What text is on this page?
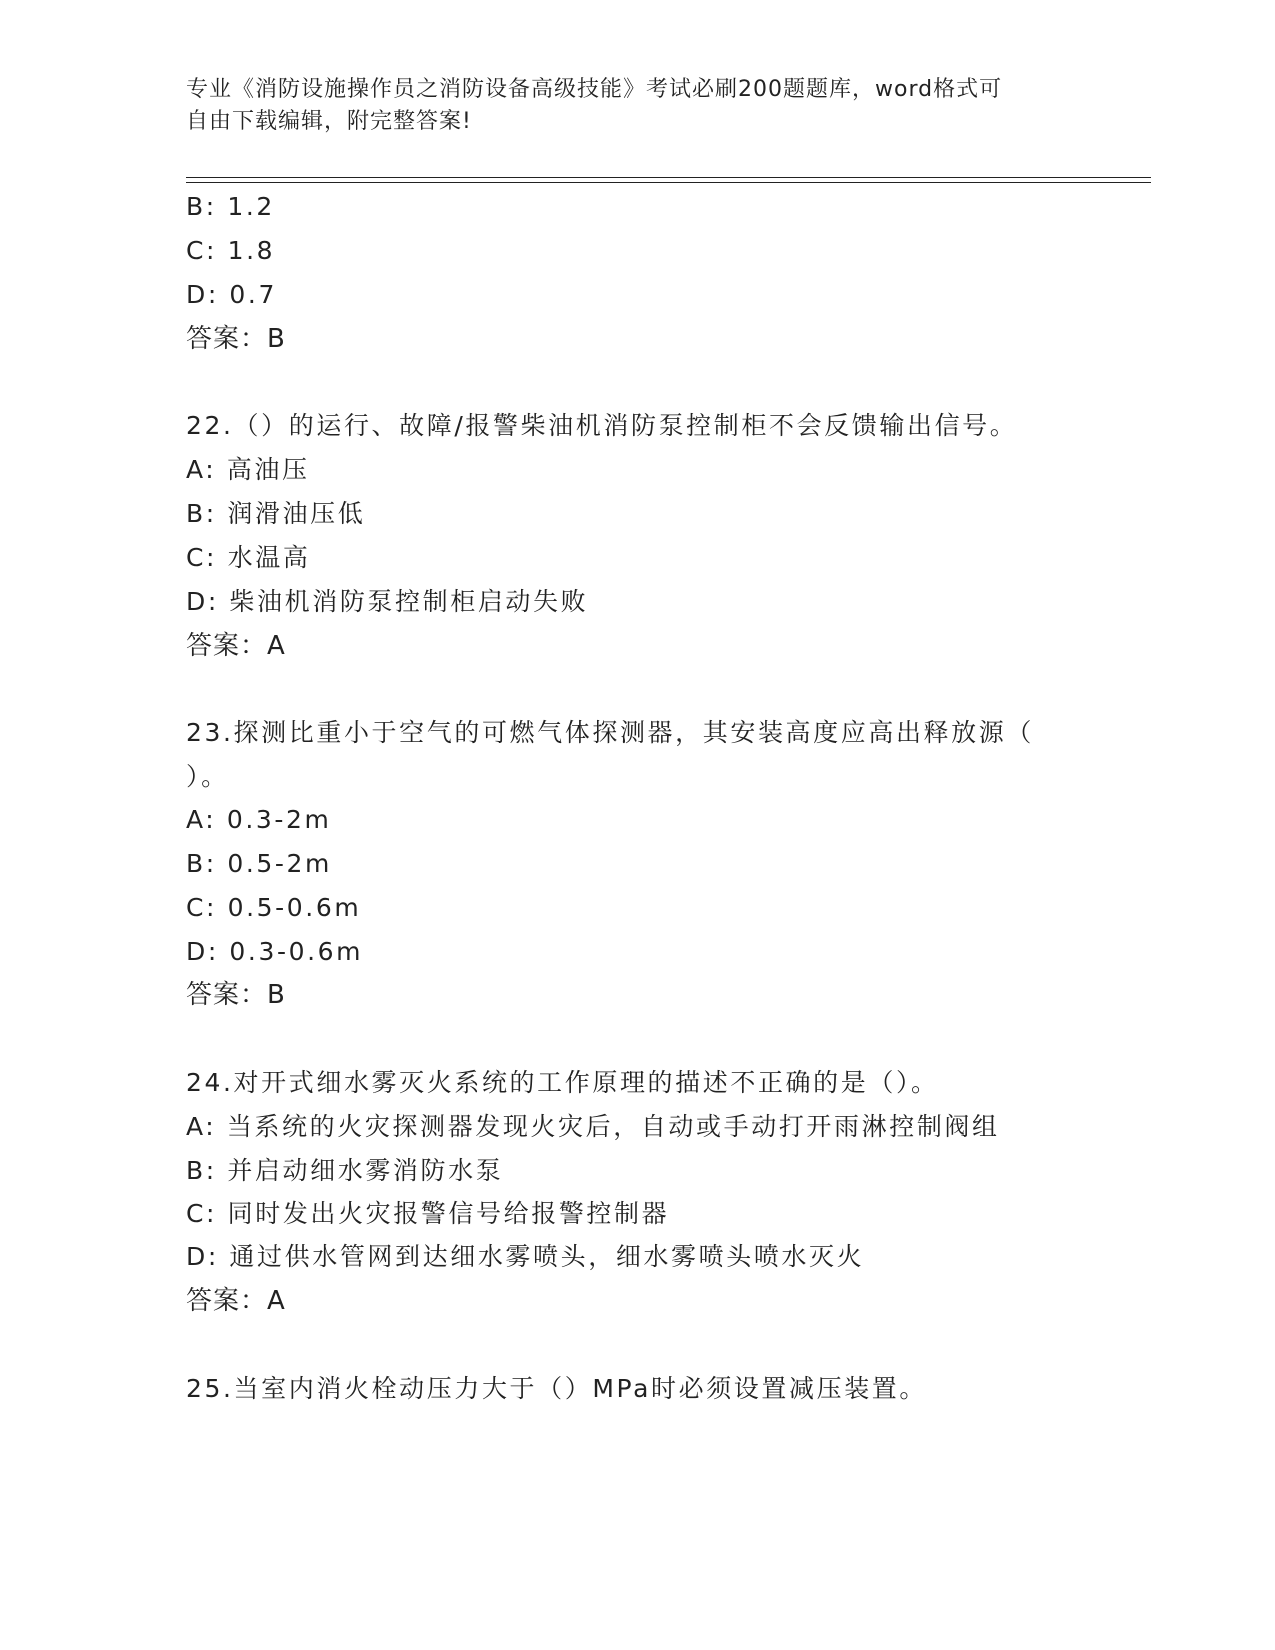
专业《消防设施操作员之消防设备高级技能》考试必刷200题题库，word格式可
自由下载编辑，附完整答案!
B: 1.2
C: 1.8
D: 0.7
答案：B
22.（）的运行、故障/报警柴油机消防泵控制柜不会反馈输出信号。
A: 高油压
B: 润滑油压低
C: 水温高
D: 柴油机消防泵控制柜启动失败
答案：A
23.探测比重小于空气的可燃气体探测器，其安装高度应高出释放源（
）。
A: 0.3-2m
B: 0.5-2m
C: 0.5-0.6m
D: 0.3-0.6m
答案：B
24.对开式细水雾灭火系统的工作原理的描述不正确的是（）。
A: 当系统的火灾探测器发现火灾后，自动或手动打开雨淋控制阀组
B: 并启动细水雾消防水泵
C: 同时发出火灾报警信号给报警控制器
D: 通过供水管网到达细水雾喷头，细水雾喷头喷水灭火
答案：A
25.当室内消火栓动压力大于（）MPa时必须设置减压装置。
